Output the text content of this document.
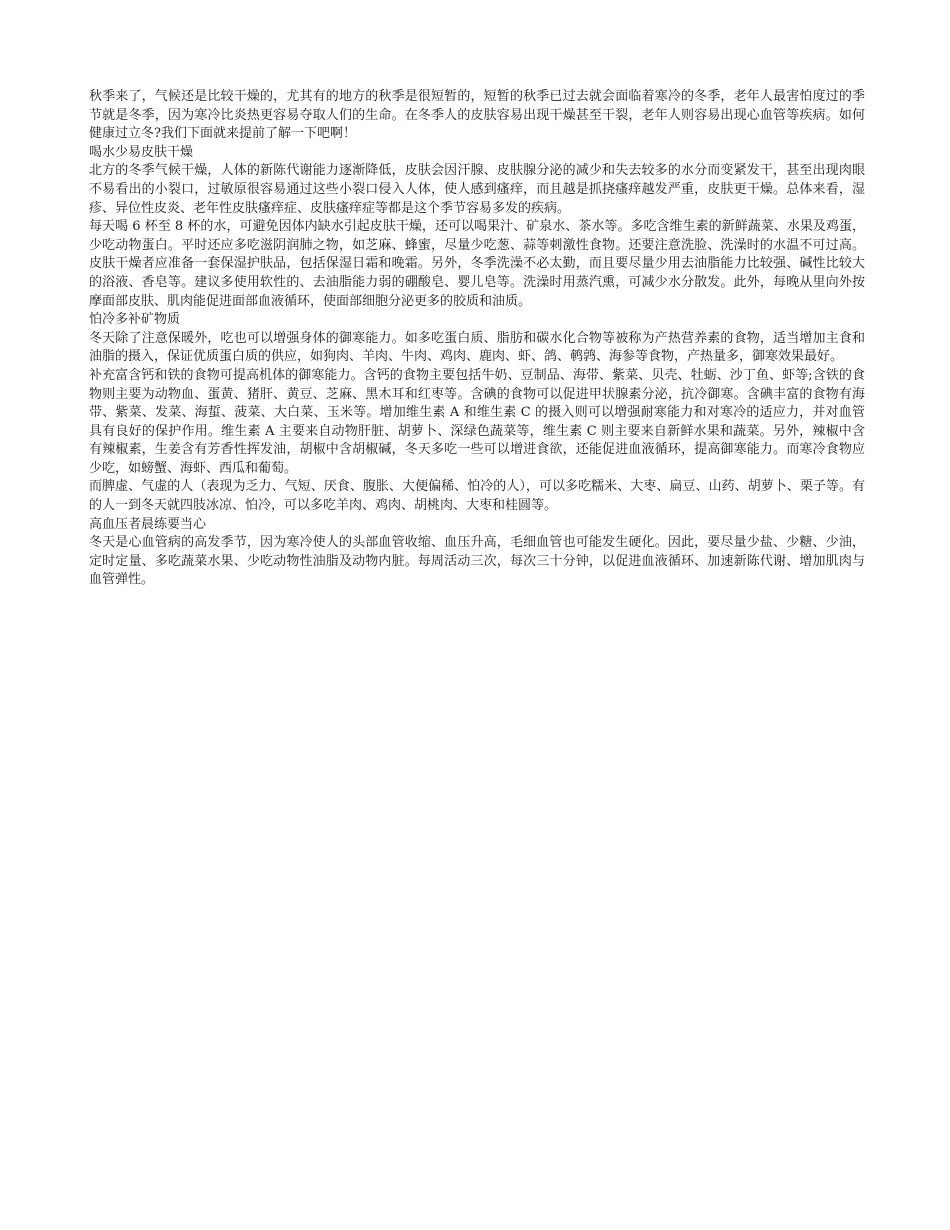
秋季来了，气候还是比较干燥的，尤其有的地方的秋季是很短暂的，短暂的秋季已过去就会面临着寒冷的冬季，老年人最害怕度过的季节就是冬季，因为寒冷比炎热更容易夺取人们的生命。在冬季人的皮肤容易出现干燥甚至干裂，老年人则容易出现心血管等疾病。如何健康过立冬?我们下面就来提前了解一下吧啊！

喝水少易皮肤干燥

北方的冬季气候干燥，人体的新陈代谢能力逐渐降低，皮肤会因汗腺、皮肤腺分泌的减少和失去较多的水分而变紧发干，甚至出现肉眼不易看出的小裂口，过敏原很容易通过这些小裂口侵入人体，使人感到瘙痒，而且越是抓挠瘙痒越发严重，皮肤更干燥。总体来看，湿疹、异位性皮炎、老年性皮肤瘙痒症、皮肤瘙痒症等都是这个季节容易多发的疾病。

每天喝 6 杯至 8 杯的水，可避免因体内缺水引起皮肤干燥，还可以喝果汁、矿泉水、茶水等。多吃含维生素的新鲜蔬菜、水果及鸡蛋，少吃动物蛋白。平时还应多吃滋阴润肺之物，如芝麻、蜂蜜，尽量少吃葱、蒜等刺激性食物。还要注意洗脸、洗澡时的水温不可过高。皮肤干燥者应准备一套保湿护肤品，包括保湿日霜和晚霜。另外，冬季洗澡不必太勤，而且要尽量少用去油脂能力比较强、碱性比较大的浴液、香皂等。建议多使用软性的、去油脂能力弱的硼酸皂、婴儿皂等。洗澡时用蒸汽熏，可减少水分散发。此外，每晚从里向外按摩面部皮肤、肌肉能促进面部血液循环，使面部细胞分泌更多的胶质和油质。

怕冷多补矿物质

冬天除了注意保暖外，吃也可以增强身体的御寒能力。如多吃蛋白质、脂肪和碳水化合物等被称为产热营养素的食物，适当增加主食和油脂的摄入，保证优质蛋白质的供应，如狗肉、羊肉、牛肉、鸡肉、鹿肉、虾、鸽、鹌鹑、海参等食物，产热量多，御寒效果最好。

补充富含钙和铁的食物可提高机体的御寒能力。含钙的食物主要包括牛奶、豆制品、海带、紫菜、贝壳、牡蛎、沙丁鱼、虾等;含铁的食物则主要为动物血、蛋黄、猪肝、黄豆、芝麻、黑木耳和红枣等。含碘的食物可以促进甲状腺素分泌，抗冷御寒。含碘丰富的食物有海带、紫菜、发菜、海蜇、菠菜、大白菜、玉米等。增加维生素 A 和维生素 C 的摄入则可以增强耐寒能力和对寒冷的适应力，并对血管具有良好的保护作用。维生素 A 主要来自动物肝脏、胡萝卜、深绿色蔬菜等，维生素 C 则主要来自新鲜水果和蔬菜。另外，辣椒中含有辣椒素，生姜含有芳香性挥发油，胡椒中含胡椒碱，冬天多吃一些可以增进食欲，还能促进血液循环，提高御寒能力。而寒冷食物应少吃，如螃蟹、海虾、西瓜和葡萄。

而脾虚、气虚的人（表现为乏力、气短、厌食、腹胀、大便偏稀、怕冷的人），可以多吃糯米、大枣、扁豆、山药、胡萝卜、栗子等。有的人一到冬天就四肢冰凉、怕冷，可以多吃羊肉、鸡肉、胡桃肉、大枣和桂圆等。

高血压者晨练要当心

冬天是心血管病的高发季节，因为寒冷使人的头部血管收缩、血压升高，毛细血管也可能发生硬化。因此，要尽量少盐、少糖、少油，定时定量、多吃蔬菜水果、少吃动物性油脂及动物内脏。每周活动三次，每次三十分钟，以促进血液循环、加速新陈代谢、增加肌肉与血管弹性。
